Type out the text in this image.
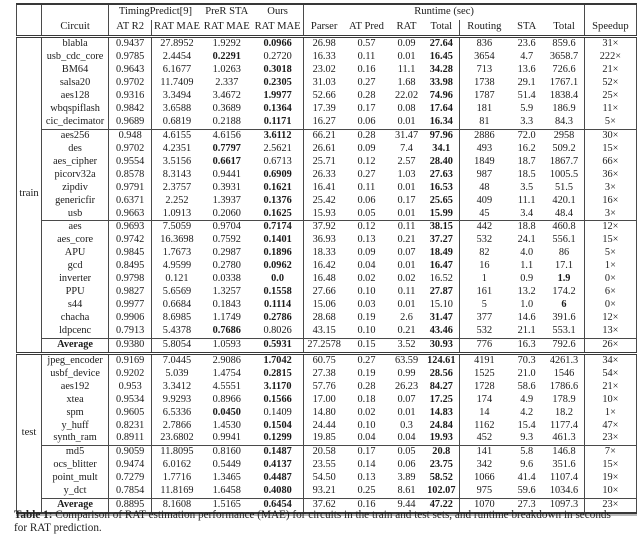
		TimingPredict[9]		PreR STA	Ours	Runtime (sec)							
	Circuit	AT R2	RAT MAE	RAT MAE	RAT MAE	Parser	AT Pred	RAT	Total	Routing	STA	Total	Speedup
train	blabla	0.9437	27.8952	1.9292	0.0966	26.98	0.57	0.09	27.64	836	23.6	859.6	31×
	usb_cdc_core	0.9785	2.4454	0.2291	0.2720	16.33	0.11	0.01	16.45	3654	4.7	3658.7	222×
	BM64	0.9643	6.1677	1.0263	0.3018	23.02	0.16	11.1	34.28	713	13.6	726.6	21×
	salsa20	0.9702	11.7409	2.337	0.2305	31.03	0.27	1.68	33.98	1738	29.1	1767.1	52×
	aes128	0.9316	3.3494	3.4672	1.9977	52.66	0.28	22.02	74.96	1787	51.4	1838.4	25×
	wbqspiflash	0.9842	3.6588	0.3689	0.1364	17.39	0.17	0.08	17.64	181	5.9	186.9	11×
	cic_decimator	0.9689	0.6819	0.2188	0.1171	16.27	0.06	0.01	16.34	81	3.3	84.3	5×
	aes256	0.948	4.6155	4.6156	3.6112	66.21	0.28	31.47	97.96	2886	72.0	2958	30×
	des	0.9702	4.2351	0.7797	2.5621	26.61	0.09	7.4	34.1	493	16.2	509.2	15×
	aes_cipher	0.9554	3.5156	0.6617	0.6713	25.71	0.12	2.57	28.40	1849	18.7	1867.7	66×
	picorv32a	0.8578	8.3143	0.9441	0.6909	26.33	0.27	1.03	27.63	987	18.5	1005.5	36×
	zipdiv	0.9791	2.3757	0.3931	0.1621	16.41	0.11	0.01	16.53	48	3.5	51.5	3×
	genericfir	0.6371	2.252	1.3937	0.1376	25.42	0.06	0.17	25.65	409	11.1	420.1	16×
	usb	0.9663	1.0913	0.2060	0.1625	15.93	0.05	0.01	15.99	45	3.4	48.4	3×
	aes	0.9693	7.5059	0.9704	0.7174	37.92	0.12	0.11	38.15	442	18.8	460.8	12×
	aes_core	0.9742	16.3698	0.7592	0.1401	36.93	0.13	0.21	37.27	532	24.1	556.1	15×
	APU	0.9845	1.7673	0.2987	0.1896	18.33	0.09	0.07	18.49	82	4.0	86	5×
	gcd	0.8495	4.9599	0.2780	0.0962	16.42	0.04	0.01	16.47	16	1.1	17.1	1×
	inverter	0.9798	0.121	0.0338	0.0	16.48	0.02	0.02	16.52	1	0.9	1.9	0×
	PPU	0.9827	5.6569	1.3257	0.1558	27.66	0.10	0.11	27.87	161	13.2	174.2	6×
	s44	0.9977	0.6684	0.1843	0.1114	15.06	0.03	0.01	15.10	5	1.0	6	0×
	chacha	0.9906	8.6985	1.1749	0.2786	28.68	0.19	2.6	31.47	377	14.6	391.6	12×
	ldpcenc	0.7913	5.4378	0.7686	0.8026	43.15	0.10	0.21	43.46	532	21.1	553.1	13×
	Average	0.9380	5.8054	1.0593	0.5931	27.2578	0.15	3.52	30.93	776	16.3	792.6	26×
test	jpeg_encoder	0.9169	7.0445	2.9086	1.7042	60.75	0.27	63.59	124.61	4191	70.3	4261.3	34×
	usbf_device	0.9202	5.039	1.4754	0.2815	27.38	0.19	0.99	28.56	1525	21.0	1546	54×
	aes192	0.953	3.3412	4.5551	3.1170	57.76	0.28	26.23	84.27	1728	58.6	1786.6	21×
	xtea	0.9534	9.9293	0.8966	0.1566	17.00	0.18	0.07	17.25	174	4.9	178.9	10×
	spm	0.9605	6.5336	0.0450	0.1409	14.80	0.02	0.01	14.83	14	4.2	18.2	1×
	y_huff	0.8231	2.7866	1.4530	0.1504	24.44	0.10	0.3	24.84	1162	15.4	1177.4	47×
	synth_ram	0.8911	23.6802	0.9941	0.1299	19.85	0.04	0.04	19.93	452	9.3	461.3	23×
	md5	0.9059	11.8095	0.8160	0.1487	20.58	0.17	0.05	20.8	141	5.8	146.8	7×
	ocs_blitter	0.9474	6.0162	0.5449	0.4137	23.55	0.14	0.06	23.75	342	9.6	351.6	15×
	point_mult	0.7279	1.7716	1.3465	0.4487	54.50	0.13	3.89	58.52	1066	41.4	1107.4	19×
	y_dct	0.7854	11.8169	1.6458	0.4080	93.21	0.25	8.61	102.07	975	59.6	1034.6	10×
	Average	0.8895	8.1608	1.5165	0.6454	37.62	0.16	9.44	47.22	1070	27.3	1097.3	23×
Table 1: Comparison of RAT estimation performance (MAE) for circuits in the train and test sets, and runtime breakdown in seconds for RAT prediction.
